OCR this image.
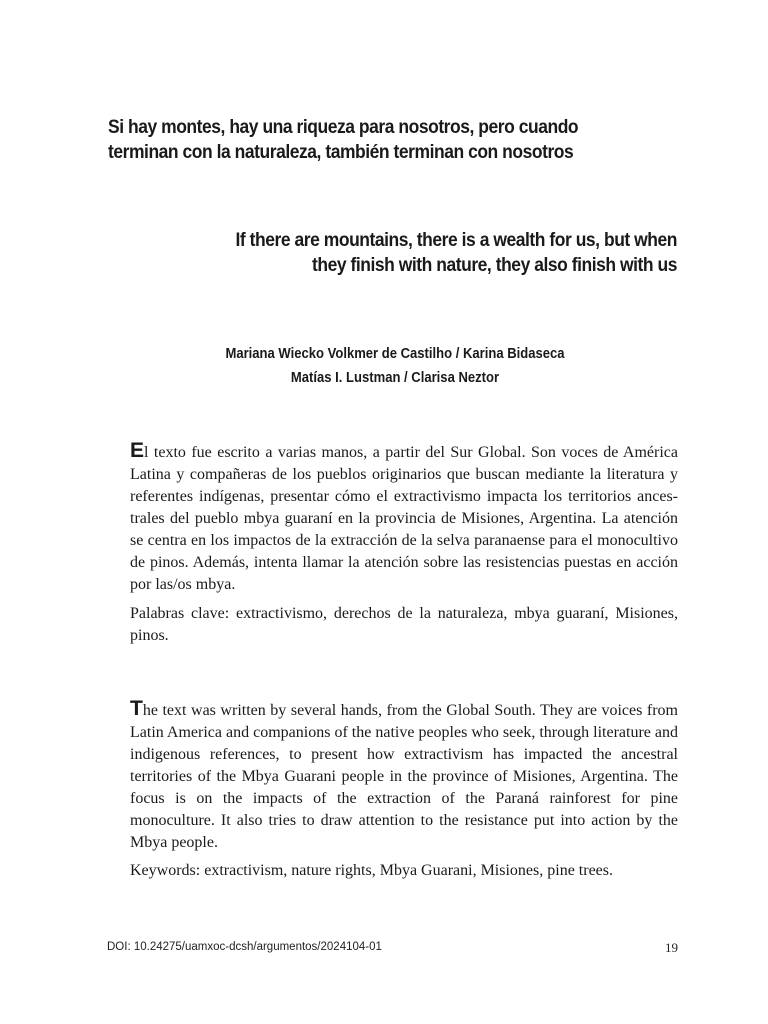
Si hay montes, hay una riqueza para nosotros, pero cuando
terminan con la naturaleza, también terminan con nosotros
If there are mountains, there is a wealth for us, but when
they finish with nature, they also finish with us
Mariana Wiecko Volkmer de Castilho / Karina Bidaseca
Matías I. Lustman / Clarisa Neztor

El texto fue escrito a varias manos, a partir del Sur Global. Son voces de América Latina y compañeras de los pueblos originarios que buscan mediante la literatura y referentes indígenas, presentar cómo el extractivismo impacta los territorios ancestrales del pueblo mbya guaraní en la provincia de Misiones, Argentina. La atención se centra en los impactos de la extracción de la selva paranaense para el monocultivo de pinos. Además, intenta llamar la atención sobre las resistencias puestas en acción por las/os mbya.

Palabras clave: extractivismo, derechos de la naturaleza, mbya guaraní, Misiones, pinos.

The text was written by several hands, from the Global South. They are voices from Latin America and companions of the native peoples who seek, through literature and indigenous references, to present how extractivism has impacted the ancestral territories of the Mbya Guarani people in the province of Misiones, Argentina. The focus is on the impacts of the extraction of the Paraná rainforest for pine monoculture. It also tries to draw attention to the resistance put into action by the Mbya people.

Keywords: extractivism, nature rights, Mbya Guarani, Misiones, pine trees.

DOI: 10.24275/uamxoc-dcsh/argumentos/2024104-01	19
